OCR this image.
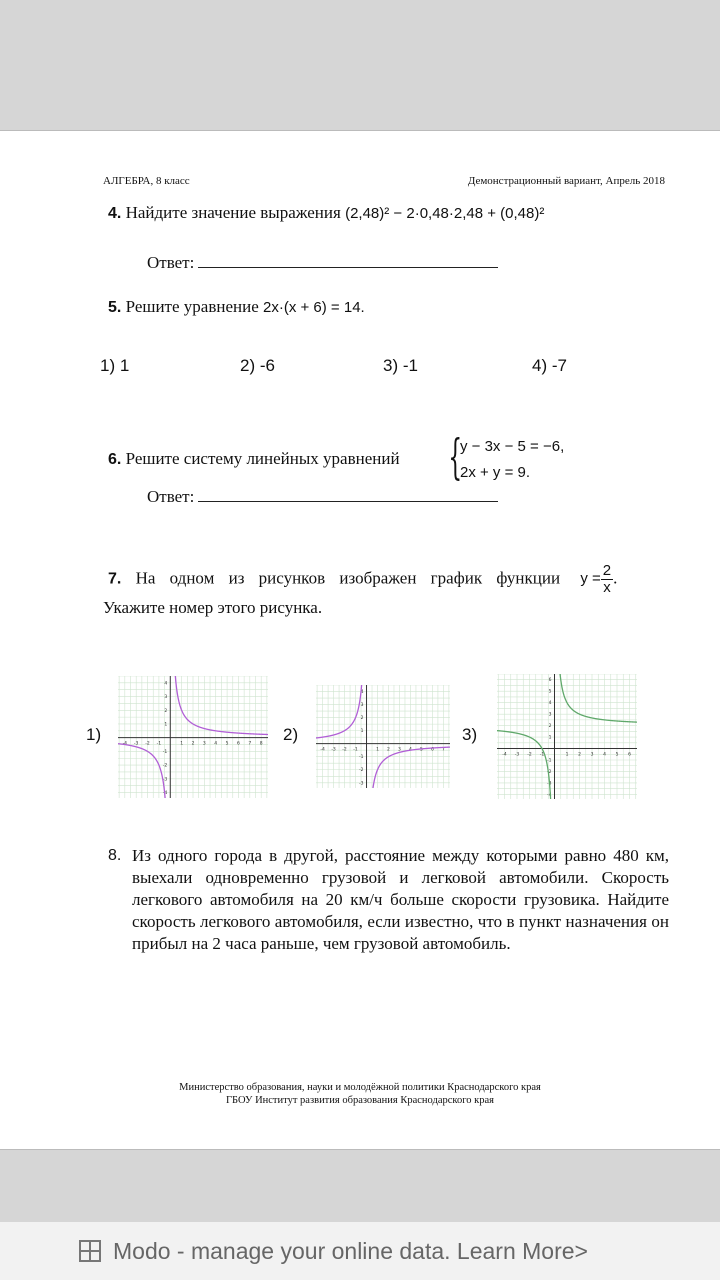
АЛГЕБРА, 8 класс	Демонстрационный вариант, Апрель 2018
4. Найдите значение выражения (2,48)² − 2·0,48·2,48 + (0,48)²
Ответ:
5. Решите уравнение 2x·(x + 6) = 14.
1) 1	2) -6	3) -1	4) -7
6. Решите систему линейных уравнений {
y − 3x − 5 = −6,
2x + y = 9.
Ответ:
7. На одном из рисунков изображен график функции $y = \frac{2}{x}$ .
Укажите номер этого рисунка.
1)
-4 -3 -2 -1	1 2 3 4 5 6 7 8
-4
-3
-2
-1
1
2
3
4
2)
-4 -3 -2 -1	1 2 3 4 5 6 7
-3
-2
-1
1
2
3
4
3)
-4 -3 -2 -1	1 2 3 4 5 6
-4
-3
-2
-1
1
2
3
4
5
6
8. Из одного города в другой, расстояние между которыми равно 480 км, выехали одновременно грузовой и легковой автомобили. Скорость легкового автомобиля на 20 км/ч больше скорости грузовика. Найдите скорость легкового автомобиля, если известно, что в пункт назначения он прибыл на 2 часа раньше, чем грузовой автомобиль.
Министерство образования, науки и молодёжной политики Краснодарского края
ГБОУ Институт развития образования Краснодарского края
Modo - manage your online data. Learn More>
